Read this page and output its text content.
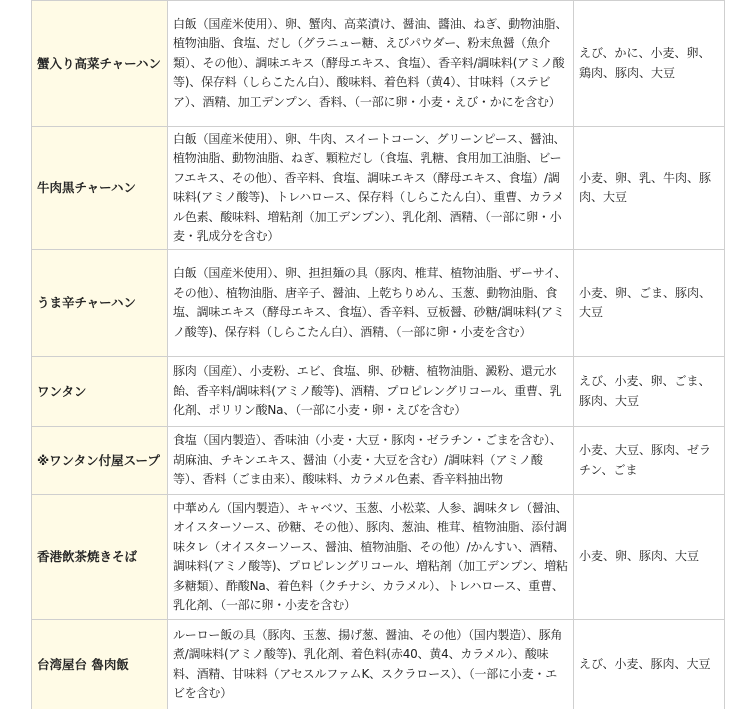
蟹入り高菜チャーハン	白飯（国産米使用）、卵、蟹肉、高菜漬け、醤油、醬油、ねぎ、動物油脂、植物油脂、食塩、だし（グラニュー糖、えびパウダー、粉末魚醤（魚介類）、その他）、調味エキス（酵母エキス、食塩）、香辛料/調味料(アミノ酸等)、保存料（しらこたん白）、酸味料、着色料（黄4）、甘味料（ステビア）、酒精、加工デンプン、香料、（一部に卵・小麦・えび・かにを含む）	えび、かに、小麦、卵、鶏肉、豚肉、大豆
牛肉黒チャーハン	白飯（国産米使用）、卵、牛肉、スイートコーン、グリーンピース、醤油、植物油脂、動物油脂、ねぎ、顆粒だし（食塩、乳糖、食用加工油脂、ビーフエキス、その他）、香辛料、食塩、調味エキス（酵母エキス、食塩）/調味料(アミノ酸等)、トレハロース、保存料（しらこたん白）、重曹、カラメル色素、酸味料、増粘剤（加工デンプン）、乳化剤、酒精、（一部に卵・小麦・乳成分を含む）	小麦、卵、乳、牛肉、豚肉、大豆
うま辛チャーハン	白飯（国産米使用）、卵、担担麺の具（豚肉、椎茸、植物油脂、ザーサイ、その他）、植物油脂、唐辛子、醤油、上乾ちりめん、玉葱、動物油脂、食塩、調味エキス（酵母エキス、食塩）、香辛料、豆板醤、砂糖/調味料(アミノ酸等)、保存料（しらこたん白）、酒精、（一部に卵・小麦を含む）	小麦、卵、ごま、豚肉、大豆
ワンタン	豚肉（国産）、小麦粉、エビ、食塩、卵、砂糖、植物油脂、澱粉、還元水飴、香辛料/調味料(アミノ酸等)、酒精、プロピレングリコール、重曹、乳化剤、ポリリン酸Na、（一部に小麦・卵・えびを含む）	えび、小麦、卵、ごま、豚肉、大豆
※ワンタン付屋スープ	食塩（国内製造）、香味油（小麦・大豆・豚肉・ゼラチン・ごまを含む）、胡麻油、チキンエキス、醤油（小麦・大豆を含む）/調味料（アミノ酸等）、香料（ごま由来）、酸味料、カラメル色素、香辛料抽出物	小麦、大豆、豚肉、ゼラチン、ごま
香港飲茶焼きそば	中華めん（国内製造）、キャベツ、玉葱、小松菜、人参、調味タレ（醤油、オイスターソース、砂糖、その他）、豚肉、葱油、椎茸、植物油脂、添付調味タレ（オイスターソース、醤油、植物油脂、その他）/かんすい、酒精、調味料(アミノ酸等)、プロピレングリコール、増粘剤（加工デンプン、増粘多糖類）、酢酸Na、着色料（クチナシ、カラメル）、トレハロース、重曹、乳化剤、（一部に卵・小麦を含む）	小麦、卵、豚肉、大豆
台湾屋台 魯肉飯	ルーロー飯の具（豚肉、玉葱、揚げ葱、醤油、その他）（国内製造）、豚角煮/調味料(アミノ酸等)、乳化剤、着色料(赤40、黄4、カラメル）、酸味料、酒精、甘味料（アセスルファムK、スクラロース）、（一部に小麦・エビを含む）	えび、小麦、豚肉、大豆
